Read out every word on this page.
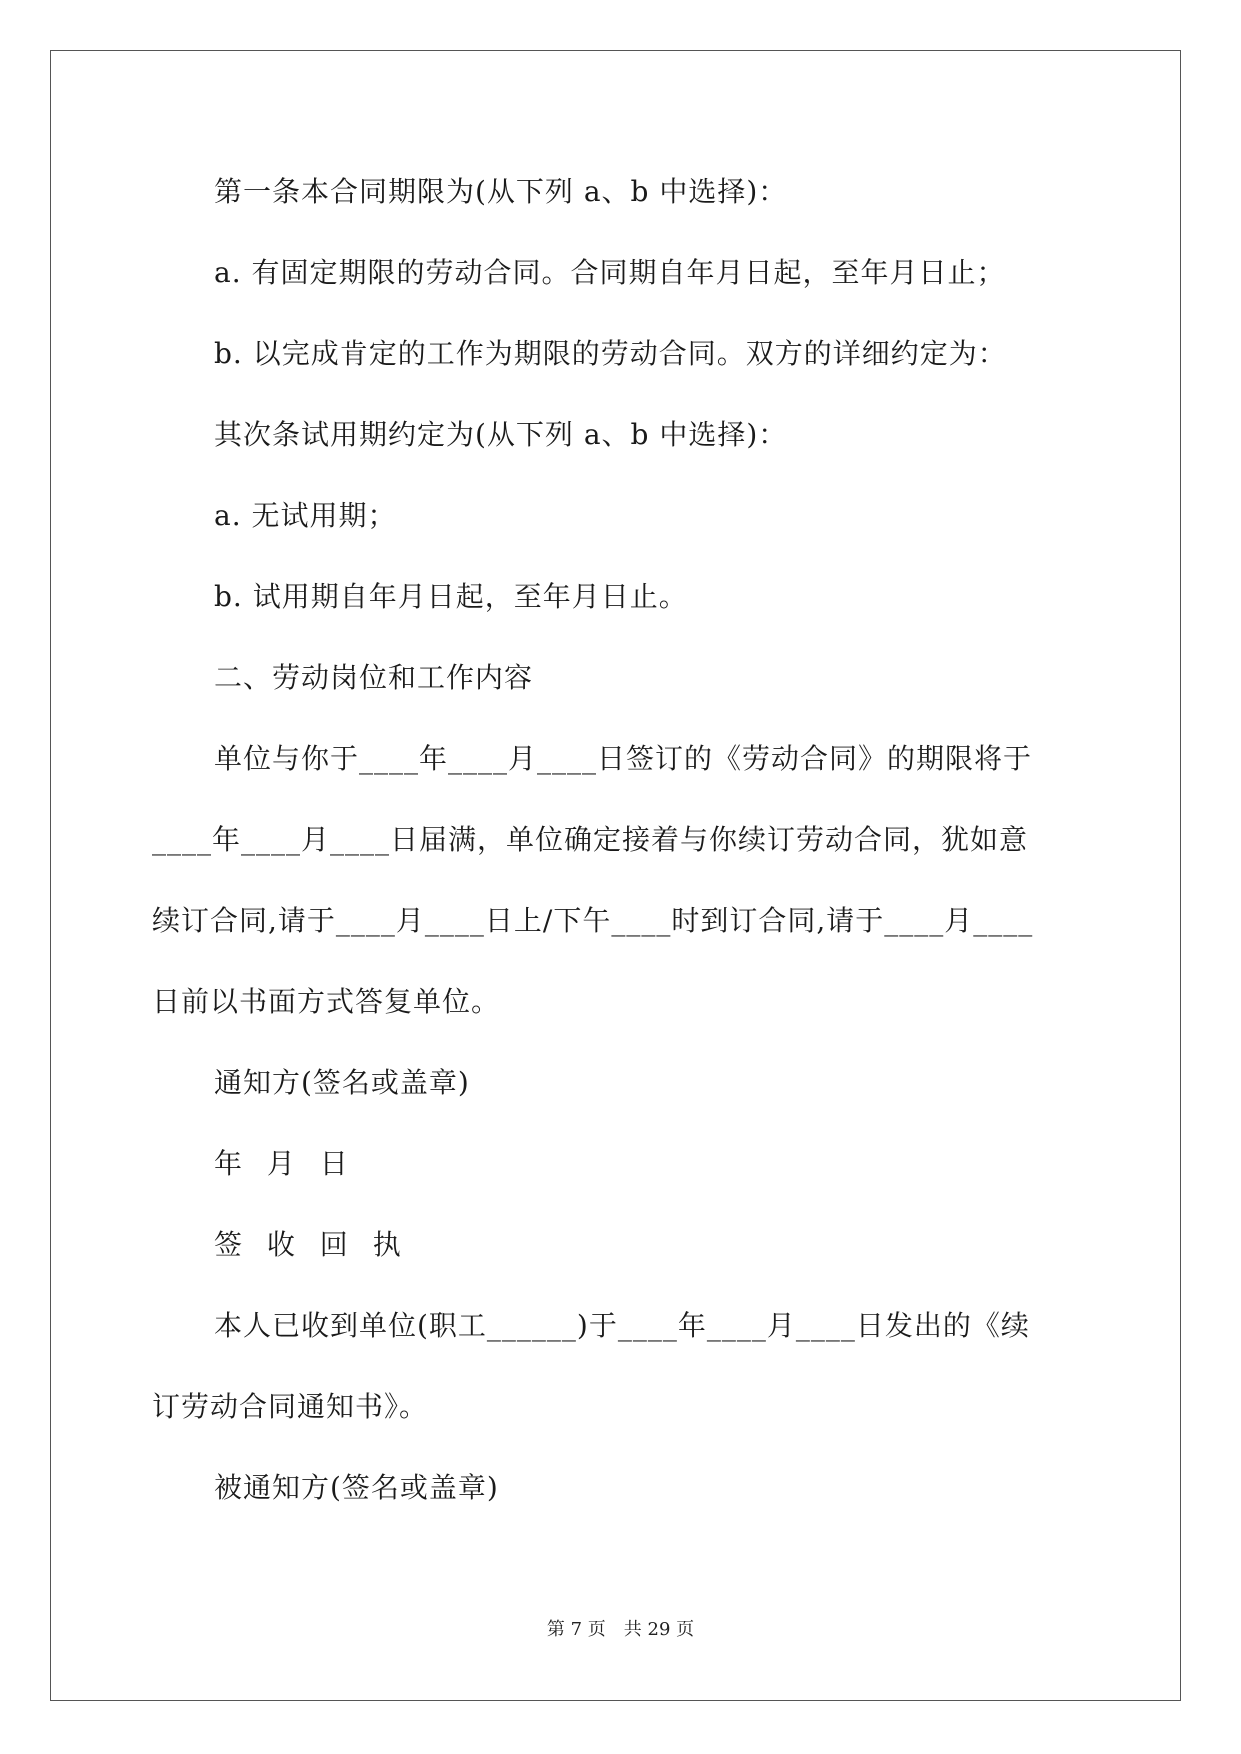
第一条本合同期限为(从下列 a、b 中选择)：
a. 有固定期限的劳动合同。合同期自年月日起，至年月日止；
b. 以完成肯定的工作为期限的劳动合同。双方的详细约定为：
其次条试用期约定为(从下列 a、b 中选择)：
a. 无试用期；
b. 试用期自年月日起，至年月日止。
二、劳动岗位和工作内容
单位与你于____年____月____日签订的《劳动合同》的期限将于
____年____月____日届满，单位确定接着与你续订劳动合同，犹如意
续订合同,请于____月____日上/下午____时到订合同,请于____月____
日前以书面方式答复单位。
通知方(签名或盖章)
年 月 日
签 收 回 执
本人已收到单位(职工______)于____年____月____日发出的《续
订劳动合同通知书》。
被通知方(签名或盖章)
第 7 页 共 29 页
